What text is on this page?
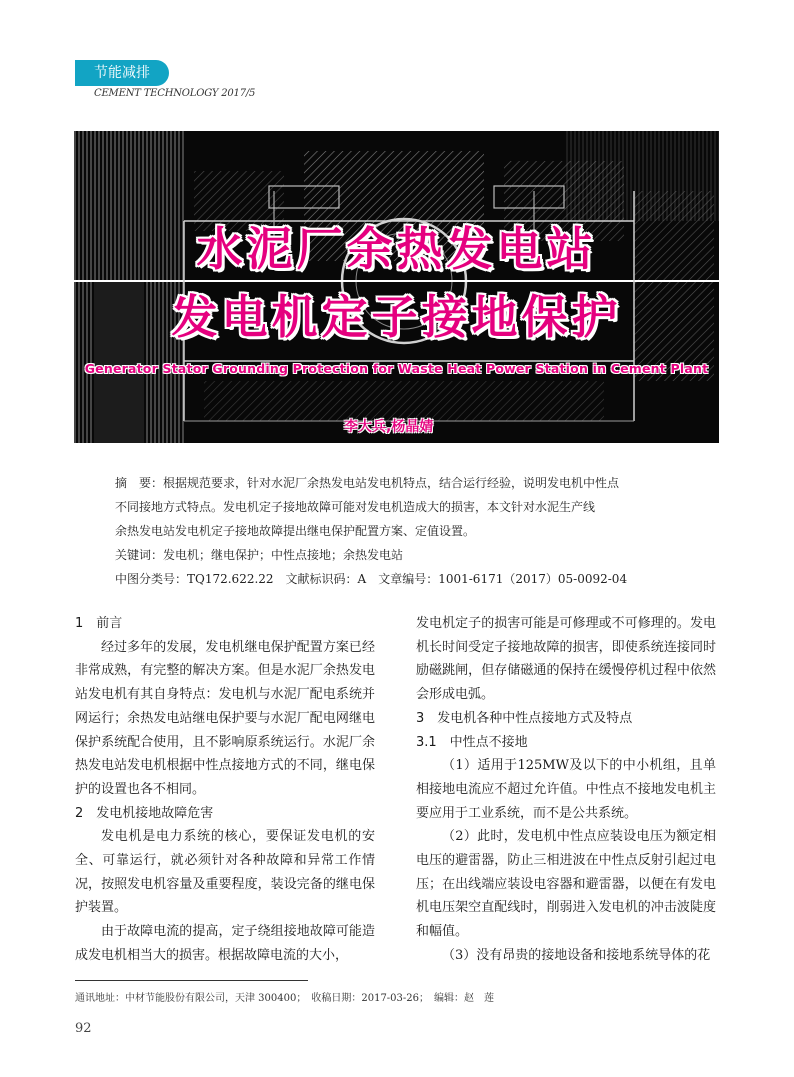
节能减排
CEMENT TECHNOLOGY 2017/5
水泥厂余热发电站
发电机定子接地保护
Generator Stator Grounding Protection for Waste Heat Power Station in Cement Plant
李大兵,杨晶婧

摘　要：根据规范要求，针对水泥厂余热发电站发电机特点，结合运行经验，说明发电机中性点

不同接地方式特点。发电机定子接地故障可能对发电机造成大的损害，本文针对水泥生产线

余热发电站发电机定子接地故障提出继电保护配置方案、定值设置。

关键词：发电机；继电保护；中性点接地；余热发电站

中图分类号：TQ172.622.22　文献标识码：A　文章编号：1001-6171（2017）05-0092-04

1　前言

经过多年的发展，发电机继电保护配置方案已经非常成熟，有完整的解决方案。但是水泥厂余热发电站发电机有其自身特点：发电机与水泥厂配电系统并网运行；余热发电站继电保护要与水泥厂配电网继电保护系统配合使用，且不影响原系统运行。水泥厂余热发电站发电机根据中性点接地方式的不同，继电保护的设置也各不相同。

2　发电机接地故障危害

发电机是电力系统的核心，要保证发电机的安全、可靠运行，就必须针对各种故障和异常工作情况，按照发电机容量及重要程度，装设完备的继电保护装置。

由于故障电流的提高，定子绕组接地故障可能造成发电机相当大的损害。根据故障电流的大小，

发电机定子的损害可能是可修理或不可修理的。发电机长时间受定子接地故障的损害，即使系统连接同时励磁跳闸，但存储磁通的保持在缓慢停机过程中依然会形成电弧。

3　发电机各种中性点接地方式及特点

3.1　中性点不接地

（1）适用于125MW及以下的中小机组，且单相接地电流应不超过允许值。中性点不接地发电机主要应用于工业系统，而不是公共系统。

（2）此时，发电机中性点应装设电压为额定相电压的避雷器，防止三相进波在中性点反射引起过电压；在出线端应装设电容器和避雷器，以便在有发电机电压架空直配线时，削弱进入发电机的冲击波陡度和幅值。

（3）没有昂贵的接地设备和接地系统导体的花

通讯地址：中材节能股份有限公司，天津 300400；　收稿日期：2017-03-26；　编辑：赵　莲
92
